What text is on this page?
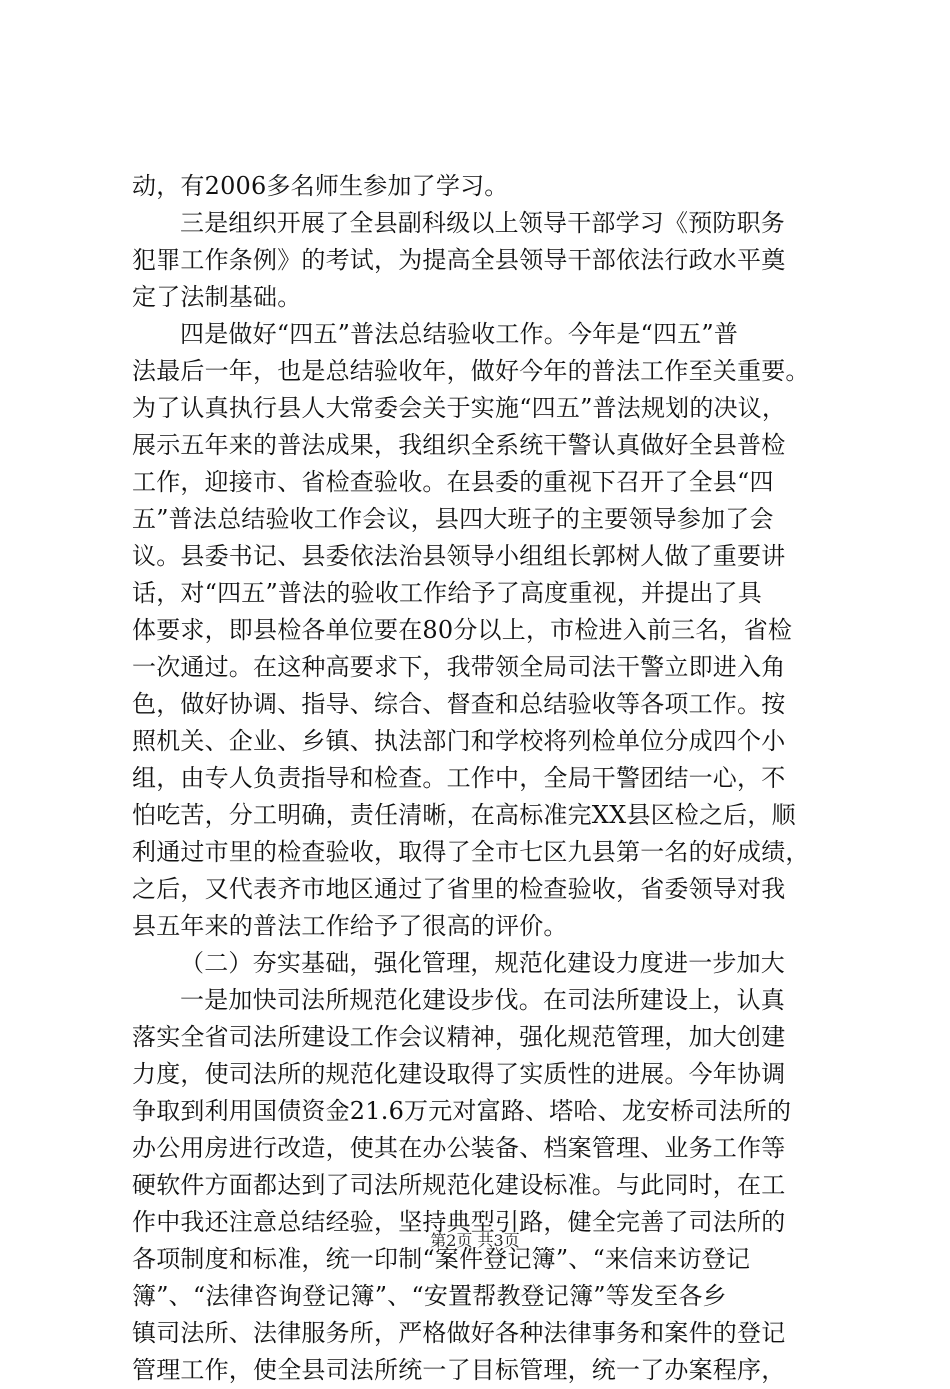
动，有2006多名师生参加了学习。
三是组织开展了全县副科级以上领导干部学习《预防职务
犯罪工作条例》的考试，为提高全县领导干部依法行政水平奠
定了法制基础。
四是做好“四五”普法总结验收工作。今年是“四五”普
法最后一年，也是总结验收年，做好今年的普法工作至关重要。
为了认真执行县人大常委会关于实施“四五”普法规划的决议，
展示五年来的普法成果，我组织全系统干警认真做好全县普检
工作，迎接市、省检查验收。在县委的重视下召开了全县“四
五”普法总结验收工作会议，县四大班子的主要领导参加了会
议。县委书记、县委依法治县领导小组组长郭树人做了重要讲
话，对“四五”普法的验收工作给予了高度重视，并提出了具
体要求，即县检各单位要在80分以上，市检进入前三名，省检
一次通过。在这种高要求下，我带领全局司法干警立即进入角
色，做好协调、指导、综合、督查和总结验收等各项工作。按
照机关、企业、乡镇、执法部门和学校将列检单位分成四个小
组，由专人负责指导和检查。工作中，全局干警团结一心，不
怕吃苦，分工明确，责任清晰，在高标准完XX县区检之后，顺
利通过市里的检查验收，取得了全市七区九县第一名的好成绩，
之后，又代表齐市地区通过了省里的检查验收，省委领导对我
县五年来的普法工作给予了很高的评价。
（二）夯实基础，强化管理，规范化建设力度进一步加大
一是加快司法所规范化建设步伐。在司法所建设上，认真
落实全省司法所建设工作会议精神，强化规范管理，加大创建
力度，使司法所的规范化建设取得了实质性的进展。今年协调
争取到利用国债资金21.6万元对富路、塔哈、龙安桥司法所的
办公用房进行改造，使其在办公装备、档案管理、业务工作等
硬软件方面都达到了司法所规范化建设标准。与此同时，在工
作中我还注意总结经验，坚持典型引路，健全完善了司法所的
各项制度和标准，统一印制“案件登记簿”、“来信来访登记
簿”、“法律咨询登记簿”、“安置帮教登记簿”等发至各乡
镇司法所、法律服务所，严格做好各种法律事务和案件的登记
管理工作，使全县司法所统一了目标管理，统一了办案程序，
第2页 共3页
